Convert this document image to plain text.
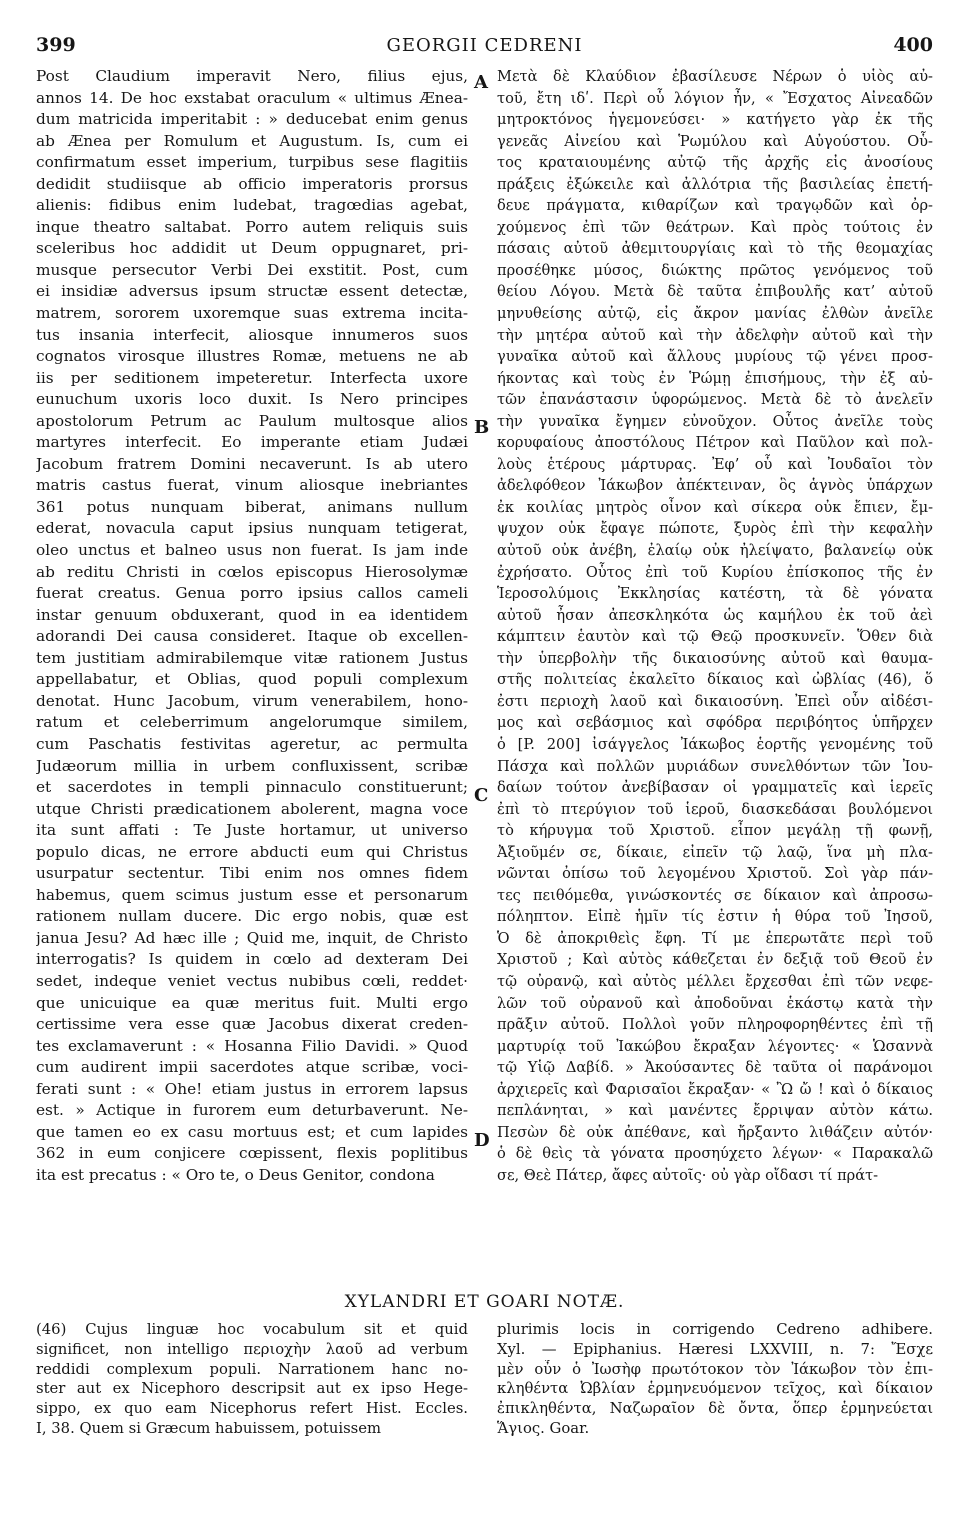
399	GEORGII CEDRENI	400
Post Claudium imperavit Nero, filius ejus,
annos 14. De hoc exstabat oraculum « ultimus Æneа-
dum matricida imperitabit : » deducebat enim genus
ab Ænea per Romulum et Augustum. Is, cum ei
confirmatum esset imperium, turpibus sese flagitiis
dedidit studiisque ab officio imperatoris prorsus
alienis: fidibus enim ludebat, tragœdias agebat,
inque theatro saltabat. Porro autem reliquis suis
sceleribus hoc addidit ut Deum oppugnaret, pri-
musque persecutor Verbi Dei exstitit. Post, cum
ei insidiæ adversus ipsum structæ essent detectæ,
matrem, sororem uxoremque suas extrema incita-
tus insania interfecit, aliosque innumeros suos
cognatos virosque illustres Romæ, metuens ne ab
iis per seditionem impeteretur. Interfecta uxore
eunuchum uxoris loco duxit. Is Nero principes
apostolorum Petrum ac Paulum multosque alios
martyres interfecit. Eo imperante etiam Judæi
Jacobum fratrem Domini necaverunt. Is ab utero
matris castus fuerat, vinum aliosque inebriantes
361 potus nunquam biberat, animans nullum
ederat, novacula caput ipsius nunquam tetigerat,
oleo unctus et balneo usus non fuerat. Is jam inde
ab reditu Christi in cœlos episcopus Hierosolymæ
fuerat creatus. Genua porro ipsius callos cameli
instar genuum obduxerant, quod in ea identidem
adorandi Dei causa consideret. Itaque ob excellen-
tem justitiam admirabilemque vitæ rationem Justus
appellabatur, et Oblias, quod populi complexum
denotat. Hunc Jacobum, virum venerabilem, hono-
ratum et celeberrimum angelorumque similem,
cum Paschatis festivitas ageretur, ac permulta
Judæorum millia in urbem confluxissent, scribæ
et sacerdotes in templi pinnaculo constituerunt;
utque Christi prædicationem abolerent, magna voce
ita sunt affati : Te Juste hortamur, ut universo
populo dicas, ne errore abducti eum qui Christus
usurpatur sectentur. Tibi enim nos omnes fidem
habemus, quem scimus justum esse et personarum
rationem nullam ducere. Dic ergo nobis, quæ est
janua Jesu? Ad hæc ille ; Quid me, inquit, de Christo
interrogatis? Is quidem in cœlo ad dexteram Dei
sedet, indeque veniet vectus nubibus cœli, reddet·
que unicuique ea quæ meritus fuit. Multi ergo
certissime vera esse quæ Jacobus dixerat creden-
tes exclamaverunt : « Hosanna Filio Davidi. » Quod
cum audirent impii sacerdotes atque scribæ, voci-
ferati sunt : « Ohe! etiam justus in errorem lapsus
est. » Actique in furorem eum deturbaverunt. Ne-
que tamen eo ex casu mortuus est; et cum lapides
362 in eum conjicere cœpissent, flexis poplitibus
ita est precatus : « Oro te, o Deus Genitor, condona
Μετὰ δὲ Κλαύδιον ἐβασίλευσε Νέρων ὁ υἱὸς αὐ-
τοῦ, ἔτη ιδʹ. Περὶ οὗ λόγιον ἦν, « Ἔσχατος Αἰνεαδῶν
μητροκτόνος ἡγεμονεύσει· » κατήγετο γὰρ ἐκ τῆς
γενεᾶς Αἰνείου καὶ Ῥωμύλου καὶ Αὐγούστου. Οὗ-
τος κραταιουμένης αὐτῷ τῆς ἀρχῆς εἰς ἀνοσίους
πράξεις ἐξώκειλε καὶ ἀλλότρια τῆς βασιλείας ἐπετή-
δευε πράγματα, κιθαρίζων καὶ τραγῳδῶν καὶ ὀρ-
χούμενος ἐπὶ τῶν θεάτρων. Καὶ πρὸς τούτοις ἐν
πάσαις αὐτοῦ ἀθεμιτουργίαις καὶ τὸ τῆς θεομαχίας
προσέθηκε μύσος, διώκτης πρῶτος γενόμενος τοῦ
θείου Λόγου. Μετὰ δὲ ταῦτα ἐπιβουλῆς κατ’ αὐτοῦ
μηνυθείσης αὐτῷ, εἰς ἄκρον μανίας ἐλθὼν ἀνεῖλε
τὴν μητέρα αὐτοῦ καὶ τὴν ἀδελφὴν αὐτοῦ καὶ τὴν
γυναῖκα αὐτοῦ καὶ ἄλλους μυρίους τῷ γένει προσ-
ήκοντας καὶ τοὺς ἐν Ῥώμῃ ἐπισήμους, τὴν ἐξ αὐ-
τῶν ἐπανάστασιν ὑφορώμενος. Μετὰ δὲ τὸ ἀνελεῖν
τὴν γυναῖκα ἔγημεν εὐνοῦχον. Οὗτος ἀνεῖλε τοὺς
κορυφαίους ἀποστόλους Πέτρον καὶ Παῦλον καὶ πολ-
λοὺς ἑτέρους μάρτυρας. Ἐφ’ οὗ καὶ Ἰουδαῖοι τὸν
ἀδελφόθεον Ἰάκωβον ἀπέκτειναν, ὃς ἁγνὸς ὑπάρχων
ἐκ κοιλίας μητρὸς οἶνον καὶ σίκερα οὐκ ἔπιεν, ἔμ-
ψυχον οὐκ ἔφαγε πώποτε, ξυρὸς ἐπὶ τὴν κεφαλὴν
αὐτοῦ οὐκ ἀνέβη, ἐλαίῳ οὐκ ἠλείψατο, βαλανείῳ οὐκ
ἐχρήσατο. Οὗτος ἐπὶ τοῦ Κυρίου ἐπίσκοπος τῆς ἐν
Ἱεροσολύμοις Ἐκκλησίας κατέστη, τὰ δὲ γόνατα
αὐτοῦ ἦσαν ἀπεσκληκότα ὡς καμήλου ἐκ τοῦ ἀεὶ
κάμπτειν ἑαυτὸν καὶ τῷ Θεῷ προσκυνεῖν. Ὅθεν διὰ
τὴν ὑπερβολὴν τῆς δικαιοσύνης αὐτοῦ καὶ θαυμα-
στῆς πολιτείας ἐκαλεῖτο δίκαιος καὶ ὠβλίας (46), ὅ
ἐστι περιοχὴ λαοῦ καὶ δικαιοσύνη. Ἐπεὶ οὖν αἰδέσι-
μος καὶ σεβάσμιος καὶ σφόδρα περιβόητος ὑπῆρχεν
ὁ [P. 200] ἰσάγγελος Ἰάκωβος ἑορτῆς γενομένης τοῦ
Πάσχα καὶ πολλῶν μυριάδων συνελθόντων τῶν Ἰου-
δαίων τούτον ἀνεβίβασαν οἱ γραμματεῖς καὶ ἱερεῖς
ἐπὶ τὸ πτερύγιον τοῦ ἱεροῦ, διασκεδάσαι βουλόμενοι
τὸ κήρυγμα τοῦ Χριστοῦ. εἶπον μεγάλῃ τῇ φωνῇ,
Ἀξιοῦμέν σε, δίκαιε, εἰπεῖν τῷ λαῷ, ἵνα μὴ πλα-
νῶνται ὀπίσω τοῦ λεγομένου Χριστοῦ. Σοὶ γὰρ πάν-
τες πειθόμεθα, γινώσκοντές σε δίκαιον καὶ ἀπροσω-
πόληπτον. Εἰπὲ ἡμῖν τίς ἐστιν ἡ θύρα τοῦ Ἰησοῦ,
Ὁ δὲ ἀποκριθεὶς ἔφη. Τί με ἐπερωτᾶτε περὶ τοῦ
Χριστοῦ ; Καὶ αὐτὸς κάθεζεται ἐν δεξιᾷ τοῦ Θεοῦ ἐν
τῷ οὐρανῷ, καὶ αὐτὸς μέλλει ἔρχεσθαι ἐπὶ τῶν νεφε-
λῶν τοῦ οὐρανοῦ καὶ ἀποδοῦναι ἑκάστῳ κατὰ τὴν
πρᾶξιν αὐτοῦ. Πολλοὶ γοῦν πληροφορηθέντες ἐπὶ τῇ
μαρτυρίᾳ τοῦ Ἰακώβου ἔκραξαν λέγοντες· « Ὡσαννὰ
τῷ Υἱῷ Δαβίδ. » Ἀκούσαντες δὲ ταῦτα οἱ παράνομοι
ἀρχιερεῖς καὶ Φαρισαῖοι ἔκραξαν· « Ὢ ὤ ! καὶ ὁ δίκαιος
πεπλάνηται, » καὶ μανέντες ἔρριψαν αὐτὸν κάτω.
Πεσὼν δὲ οὐκ ἀπέθανε, καὶ ἤρξαντο λιθάζειν αὐτόν·
ὁ δὲ θεὶς τὰ γόνατα προσηύχετο λέγων· « Παρακαλῶ
σε, Θεὲ Πάτερ, ἄφες αὐτοῖς· οὐ γὰρ οἴδασι τί πράτ-
A
B
C
D
XYLANDRI ET GOARI NOTÆ.
(46) Cujus linguæ hoc vocabulum sit et quid
significet, non intelligo περιοχὴν λαοῦ ad verbum
reddidi complexum populi. Narrationem hanc no-
ster aut ex Nicephoro descripsit aut ex ipso Hege-
sippo, ex quo eam Nicephorus refert Hist. Eccles.
I, 38. Quem si Græcum habuissem, potuissem
plurimis locis in corrigendo Cedreno adhibere.
Xyl. — Epiphanius. Hæresi LXXVIII, n. 7: Ἔσχε
μὲν οὖν ὁ Ἰωσὴφ πρωτότοκον τὸν Ἰάκωβον τὸν ἐπι-
κληθέντα Ὠβλίαν ἑρμηνευόμενον τεῖχος, καὶ δίκαιον
ἐπικληθέντα, Ναζωραῖον δὲ ὄντα, ὅπερ ἑρμηνεύεται
Ἅγιος. Goar.
